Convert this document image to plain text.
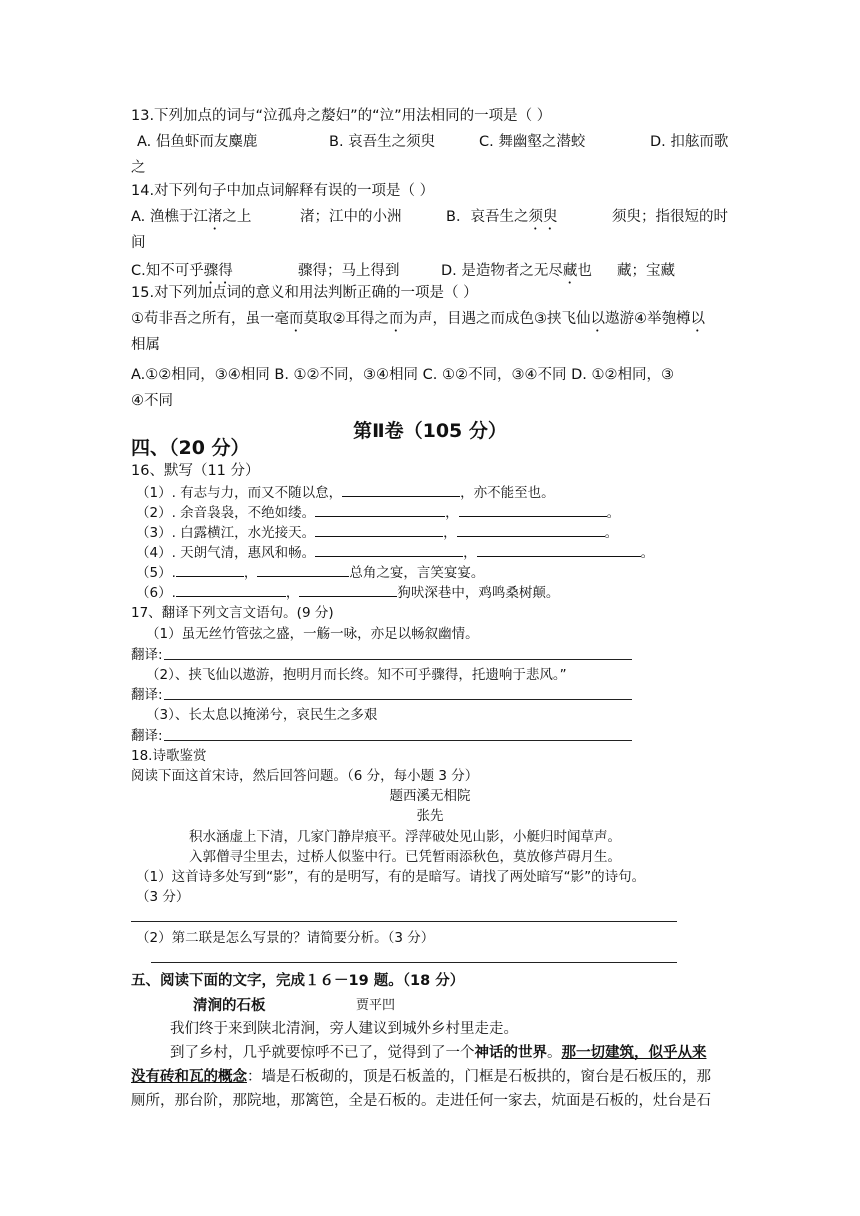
13.下列加点的词与“泣孤舟之嫠妇”的“泣”用法相同的一项是（ ）
A. 侣鱼虾而友麋鹿	B. 哀吾生之须臾	C. 舞幽壑之潜蛟	D. 扣舷而歌
之
14.对下列句子中加点词解释有误的一项是（ ）
A. 渔樵于江渚之上	渚；江中的小洲	B．哀吾生之须臾	须臾；指很短的时
间
C.知不可乎骤得	骤得；马上得到	D. 是造物者之无尽藏也 藏；宝藏
15.对下列加点词的意义和用法判断正确的一项是（ ）
①苟非吾之所有，虽一毫而莫取②耳得之而为声，目遇之而成色③挟飞仙以遨游④举匏樽以
相属
A.①②相同，③④相同 B. ①②不同，③④相同 C. ①②不同，③④不同 D. ①②相同，③
④不同
第Ⅱ卷（105 分）
四、（20 分）
16、默写（11 分）
（1）. 有志与力，而又不随以怠，	，亦不能至也。
（2）. 余音袅袅，不绝如缕。	，	。
（3）. 白露横江，水光接天。	，	。
（4）. 天朗气清，惠风和畅。	，	。
（5）.	，	总角之宴，言笑宴宴。
（6）.	，	狗吠深巷中，鸡鸣桑树颠。
17、翻译下列文言文语句。(9 分)
（1）虽无丝竹管弦之盛，一觞一咏，亦足以畅叙幽情。
翻译:
（2）、挟飞仙以遨游，抱明月而长终。知不可乎骤得，托遗响于悲风。”
翻译:
（3）、长太息以掩涕兮，哀民生之多艰
翻译:
18.诗歌鉴赏
阅读下面这首宋诗，然后回答问题。（6 分，每小题 3 分）
题西溪无相院
张先
积水涵虚上下清，几家门静岸痕平。浮萍破处见山影，小艇归时闻草声。
入郭僧寻尘里去，过桥人似鉴中行。已凭暂雨添秋色，莫放修芦碍月生。
（1）这首诗多处写到“影”，有的是明写，有的是暗写。请找了两处暗写“影”的诗句。
（3 分）
（2）第二联是怎么写景的？请简要分析。（3 分）
五、阅读下面的文字，完成１６－19 题。（18 分）
清涧的石板	贾平凹
我们终于来到陕北清涧，旁人建议到城外乡村里走走。
到了乡村，几乎就要惊呼不已了，觉得到了一个神话的世界。那一切建筑，似乎从来
没有砖和瓦的概念：墙是石板砌的，顶是石板盖的，门框是石板拱的，窗台是石板压的，那
厕所，那台阶，那院地，那篱笆，全是石板的。走进任何一家去，炕面是石板的，灶台是石
